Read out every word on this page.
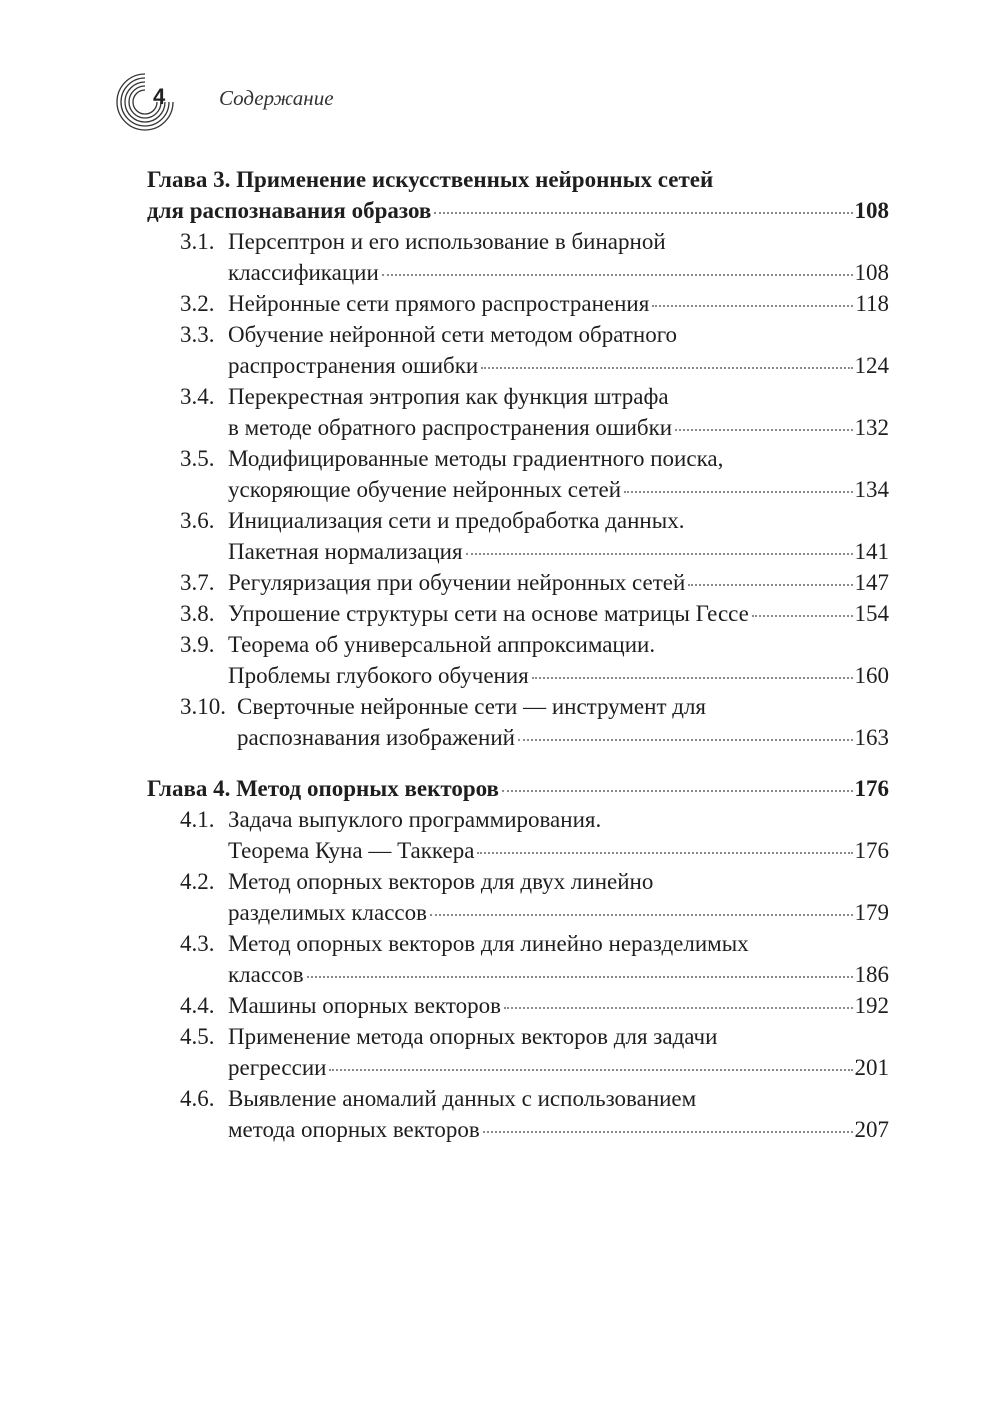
4	Содержание
Глава 3. Применение искусственных нейронных сетей
для распознавания образов	108
3.1. Персептрон и его использование в бинарной
классификации	108
3.2. Нейронные сети прямого распространения	118
3.3. Обучение нейронной сети методом обратного
распространения ошибки	124
3.4. Перекрестная энтропия как функция штрафа
в методе обратного распространения ошибки	132
3.5. Модифицированные методы градиентного поиска,
ускоряющие обучение нейронных сетей	134
3.6. Инициализация сети и предобработка данных.
Пакетная нормализация	141
3.7. Регуляризация при обучении нейронных сетей	147
3.8. Упрошение структуры сети на основе матрицы Гессе	154
3.9. Теорема об универсальной аппроксимации.
Проблемы глубокого обучения	160
3.10. Сверточные нейронные сети — инструмент для
распознавания изображений	163
Глава 4. Метод опорных векторов	176
4.1. Задача выпуклого программирования.
Теорема Куна — Таккера	176
4.2. Метод опорных векторов для двух линейно
разделимых классов	179
4.3. Метод опорных векторов для линейно неразделимых
классов	186
4.4. Машины опорных векторов	192
4.5. Применение метода опорных векторов для задачи
регрессии	201
4.6. Выявление аномалий данных с использованием
метода опорных векторов	207
